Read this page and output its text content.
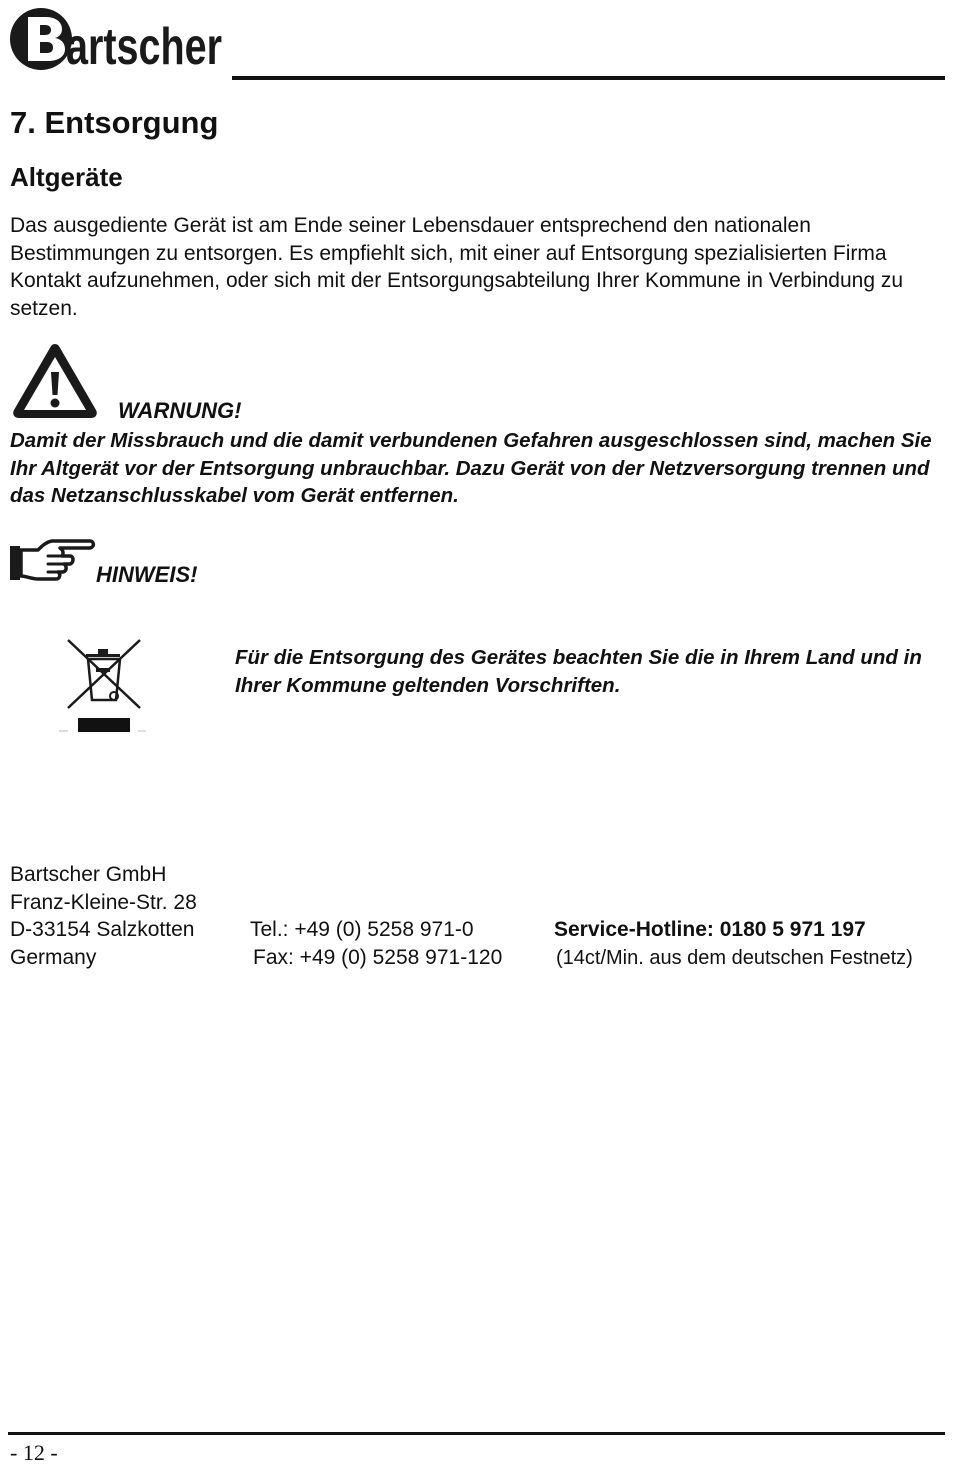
artscher
7. Entsorgung
Altgeräte

Das ausgediente Gerät ist am Ende seiner Lebensdauer entsprechend den nationalen Bestimmungen zu entsorgen. Es empfiehlt sich, mit einer auf Entsorgung spezialisierten Firma Kontakt aufzunehmen, oder sich mit der Entsorgungsabteilung Ihrer Kommune in Verbindung zu setzen.

WARNUNG!

Damit der Missbrauch und die damit verbundenen Gefahren ausgeschlossen sind, machen Sie Ihr Altgerät vor der Entsorgung unbrauchbar. Dazu Gerät von der Netzversorgung trennen und das Netzanschlusskabel vom Gerät entfernen.

HINWEIS!

Für die Entsorgung des Gerätes beachten Sie die in Ihrem Land und in Ihrer Kommune geltenden Vorschriften.

Bartscher GmbH
Franz-Kleine-Str. 28
D-33154 Salzkotten
Germany
Tel.: +49 (0) 5258 971-0
Fax: +49 (0) 5258 971-120
Service-Hotline: 0180 5 971 197
(14ct/Min. aus dem deutschen Festnetz)
- 12 -
